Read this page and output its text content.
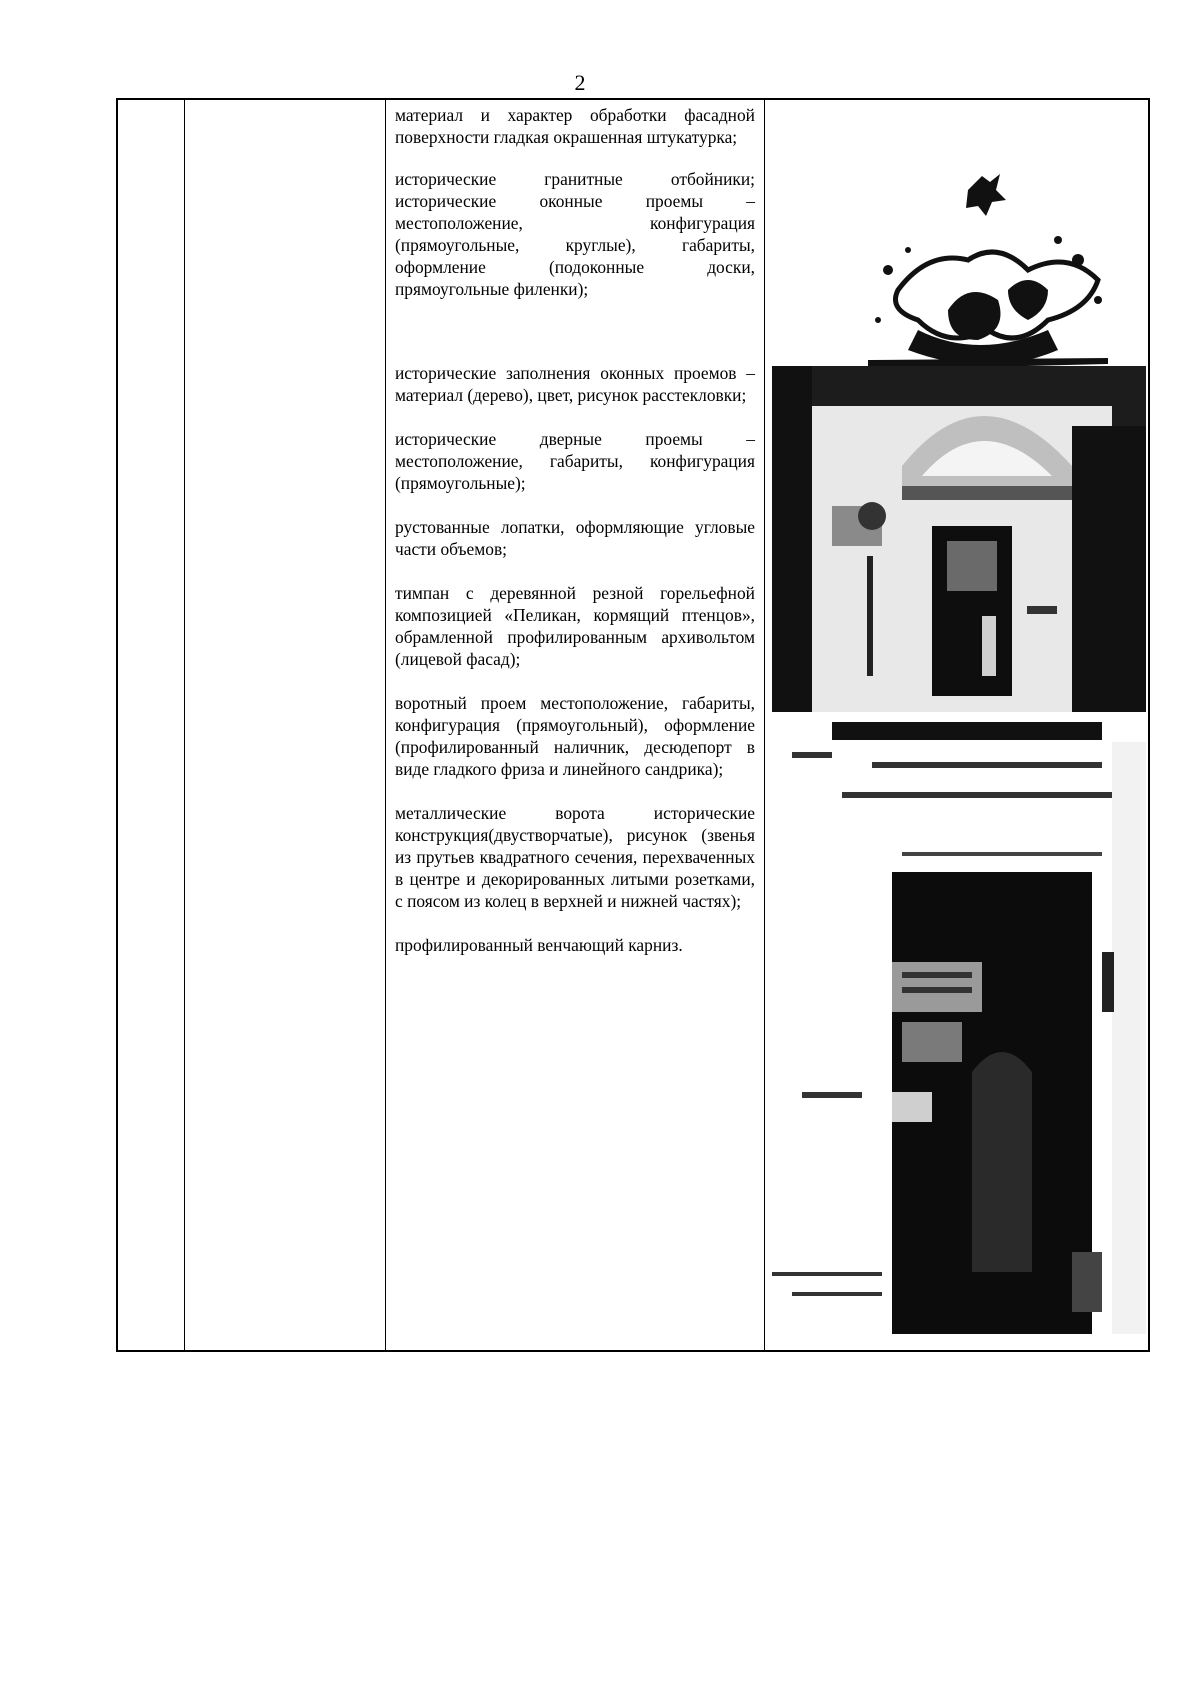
2

материал и характер обработки фасадной поверхности гладкая окрашенная штукатурка;

исторические гранитные отбойники; исторические оконные проемы – местоположение, конфигурация (прямоугольные, круглые), габариты, оформление (подоконные доски, прямоугольные филенки);

исторические заполнения оконных проемов – материал (дерево), цвет, рисунок расстекловки;

исторические дверные проемы – местоположение, габариты, конфигурация (прямоугольные);

рустованные лопатки, оформляющие угловые части объемов;

тимпан с деревянной резной горельефной композицией «Пеликан, кормящий птенцов», обрамленной профилированным архивольтом (лицевой фасад);

воротный проем местоположение, габариты, конфигурация (прямоугольный), оформление (профилированный наличник, десюдепорт в виде гладкого фриза и линейного сандрика);

металлические ворота исторические конструкция(двустворчатые), рисунок (звенья из прутьев квадратного сечения, перехваченных в центре и декорированных литыми розетками, с поясом из колец в верхней и нижней частях);

профилированный венчающий карниз.
